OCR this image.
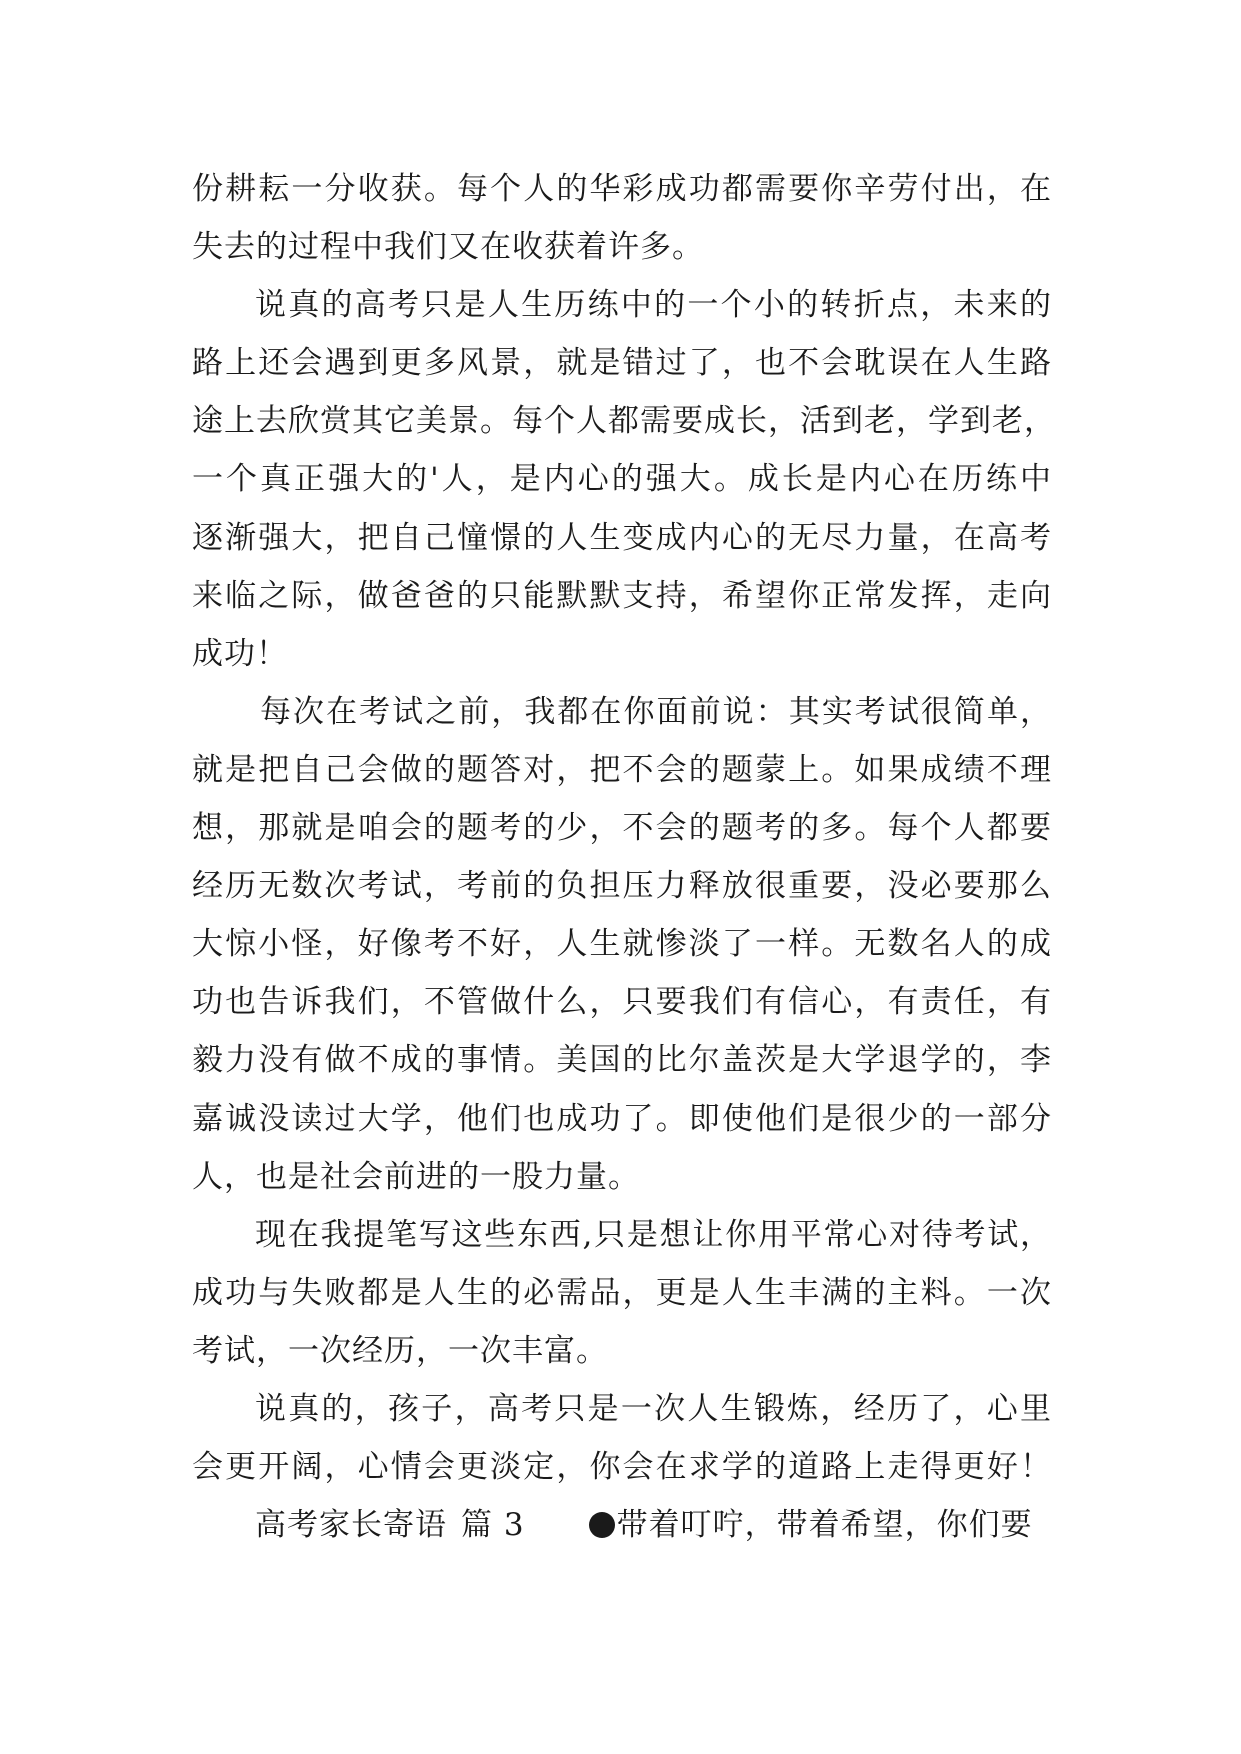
份耕耘一分收获。每个人的华彩成功都需要你辛劳付出，在
失去的过程中我们又在收获着许多。
说真的高考只是人生历练中的一个小的转折点，未来的
路上还会遇到更多风景，就是错过了，也不会耽误在人生路
途上去欣赏其它美景。每个人都需要成长，活到老，学到老，
一个真正强大的'人，是内心的强大。成长是内心在历练中
逐渐强大，把自己憧憬的人生变成内心的无尽力量，在高考
来临之际，做爸爸的只能默默支持，希望你正常发挥，走向
成功！
每次在考试之前，我都在你面前说：其实考试很简单，
就是把自己会做的题答对，把不会的题蒙上。如果成绩不理
想，那就是咱会的题考的少，不会的题考的多。每个人都要
经历无数次考试，考前的负担压力释放很重要，没必要那么
大惊小怪，好像考不好，人生就惨淡了一样。无数名人的成
功也告诉我们，不管做什么，只要我们有信心，有责任，有
毅力没有做不成的事情。美国的比尔盖茨是大学退学的，李
嘉诚没读过大学，他们也成功了。即使他们是很少的一部分
人，也是社会前进的一股力量。
现在我提笔写这些东西,只是想让你用平常心对待考试，
成功与失败都是人生的必需品，更是人生丰满的主料。一次
考试，一次经历，一次丰富。
说真的，孩子，高考只是一次人生锻炼，经历了，心里
会更开阔，心情会更淡定，你会在求学的道路上走得更好！
高考家长寄语 篇 3	带着叮咛，带着希望，你们要
